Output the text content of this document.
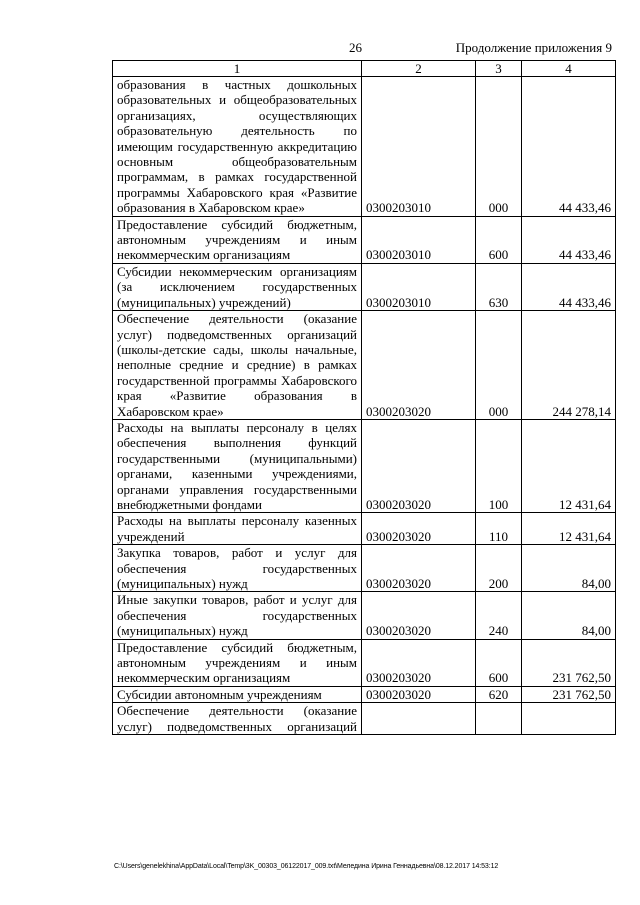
26	Продолжение приложения 9
1	2	3	4
образования в частных дошкольных образовательных и общеобразовательных организациях, осуществляющих образовательную деятельность по имеющим государственную аккредитацию основным общеобразовательным программам, в рамках государственной программы Хабаровского края «Развитие образования в Хабаровском крае»	0300203010	000	44 433,46
Предоставление субсидий бюджетным, автономным учреждениям и иным некоммерческим организациям	0300203010	600	44 433,46
Субсидии некоммерческим организациям (за исключением государственных (муниципальных) учреждений)	0300203010	630	44 433,46
Обеспечение деятельности (оказание услуг) подведомственных организаций (школы-детские сады, школы начальные, неполные средние и средние) в рамках государственной программы Хабаровского края «Развитие образования в Хабаровском крае»	0300203020	000	244 278,14
Расходы на выплаты персоналу в целях обеспечения выполнения функций государственными (муниципальными) органами, казенными учреждениями, органами управления государственными внебюджетными фондами	0300203020	100	12 431,64
Расходы на выплаты персоналу казенных учреждений	0300203020	110	12 431,64
Закупка товаров, работ и услуг для обеспечения государственных (муниципальных) нужд	0300203020	200	84,00
Иные закупки товаров, работ и услуг для обеспечения государственных (муниципальных) нужд	0300203020	240	84,00
Предоставление субсидий бюджетным, автономным учреждениям и иным некоммерческим организациям	0300203020	600	231 762,50
Субсидии автономным учреждениям	0300203020	620	231 762,50
Обеспечение деятельности (оказание услуг) подведомственных организаций			
C:\Users\genelekhina\AppData\Local\Temp\3K_00303_06122017_009.txt\Меледина Ирина Геннадьевна\08.12.2017 14:53:12
